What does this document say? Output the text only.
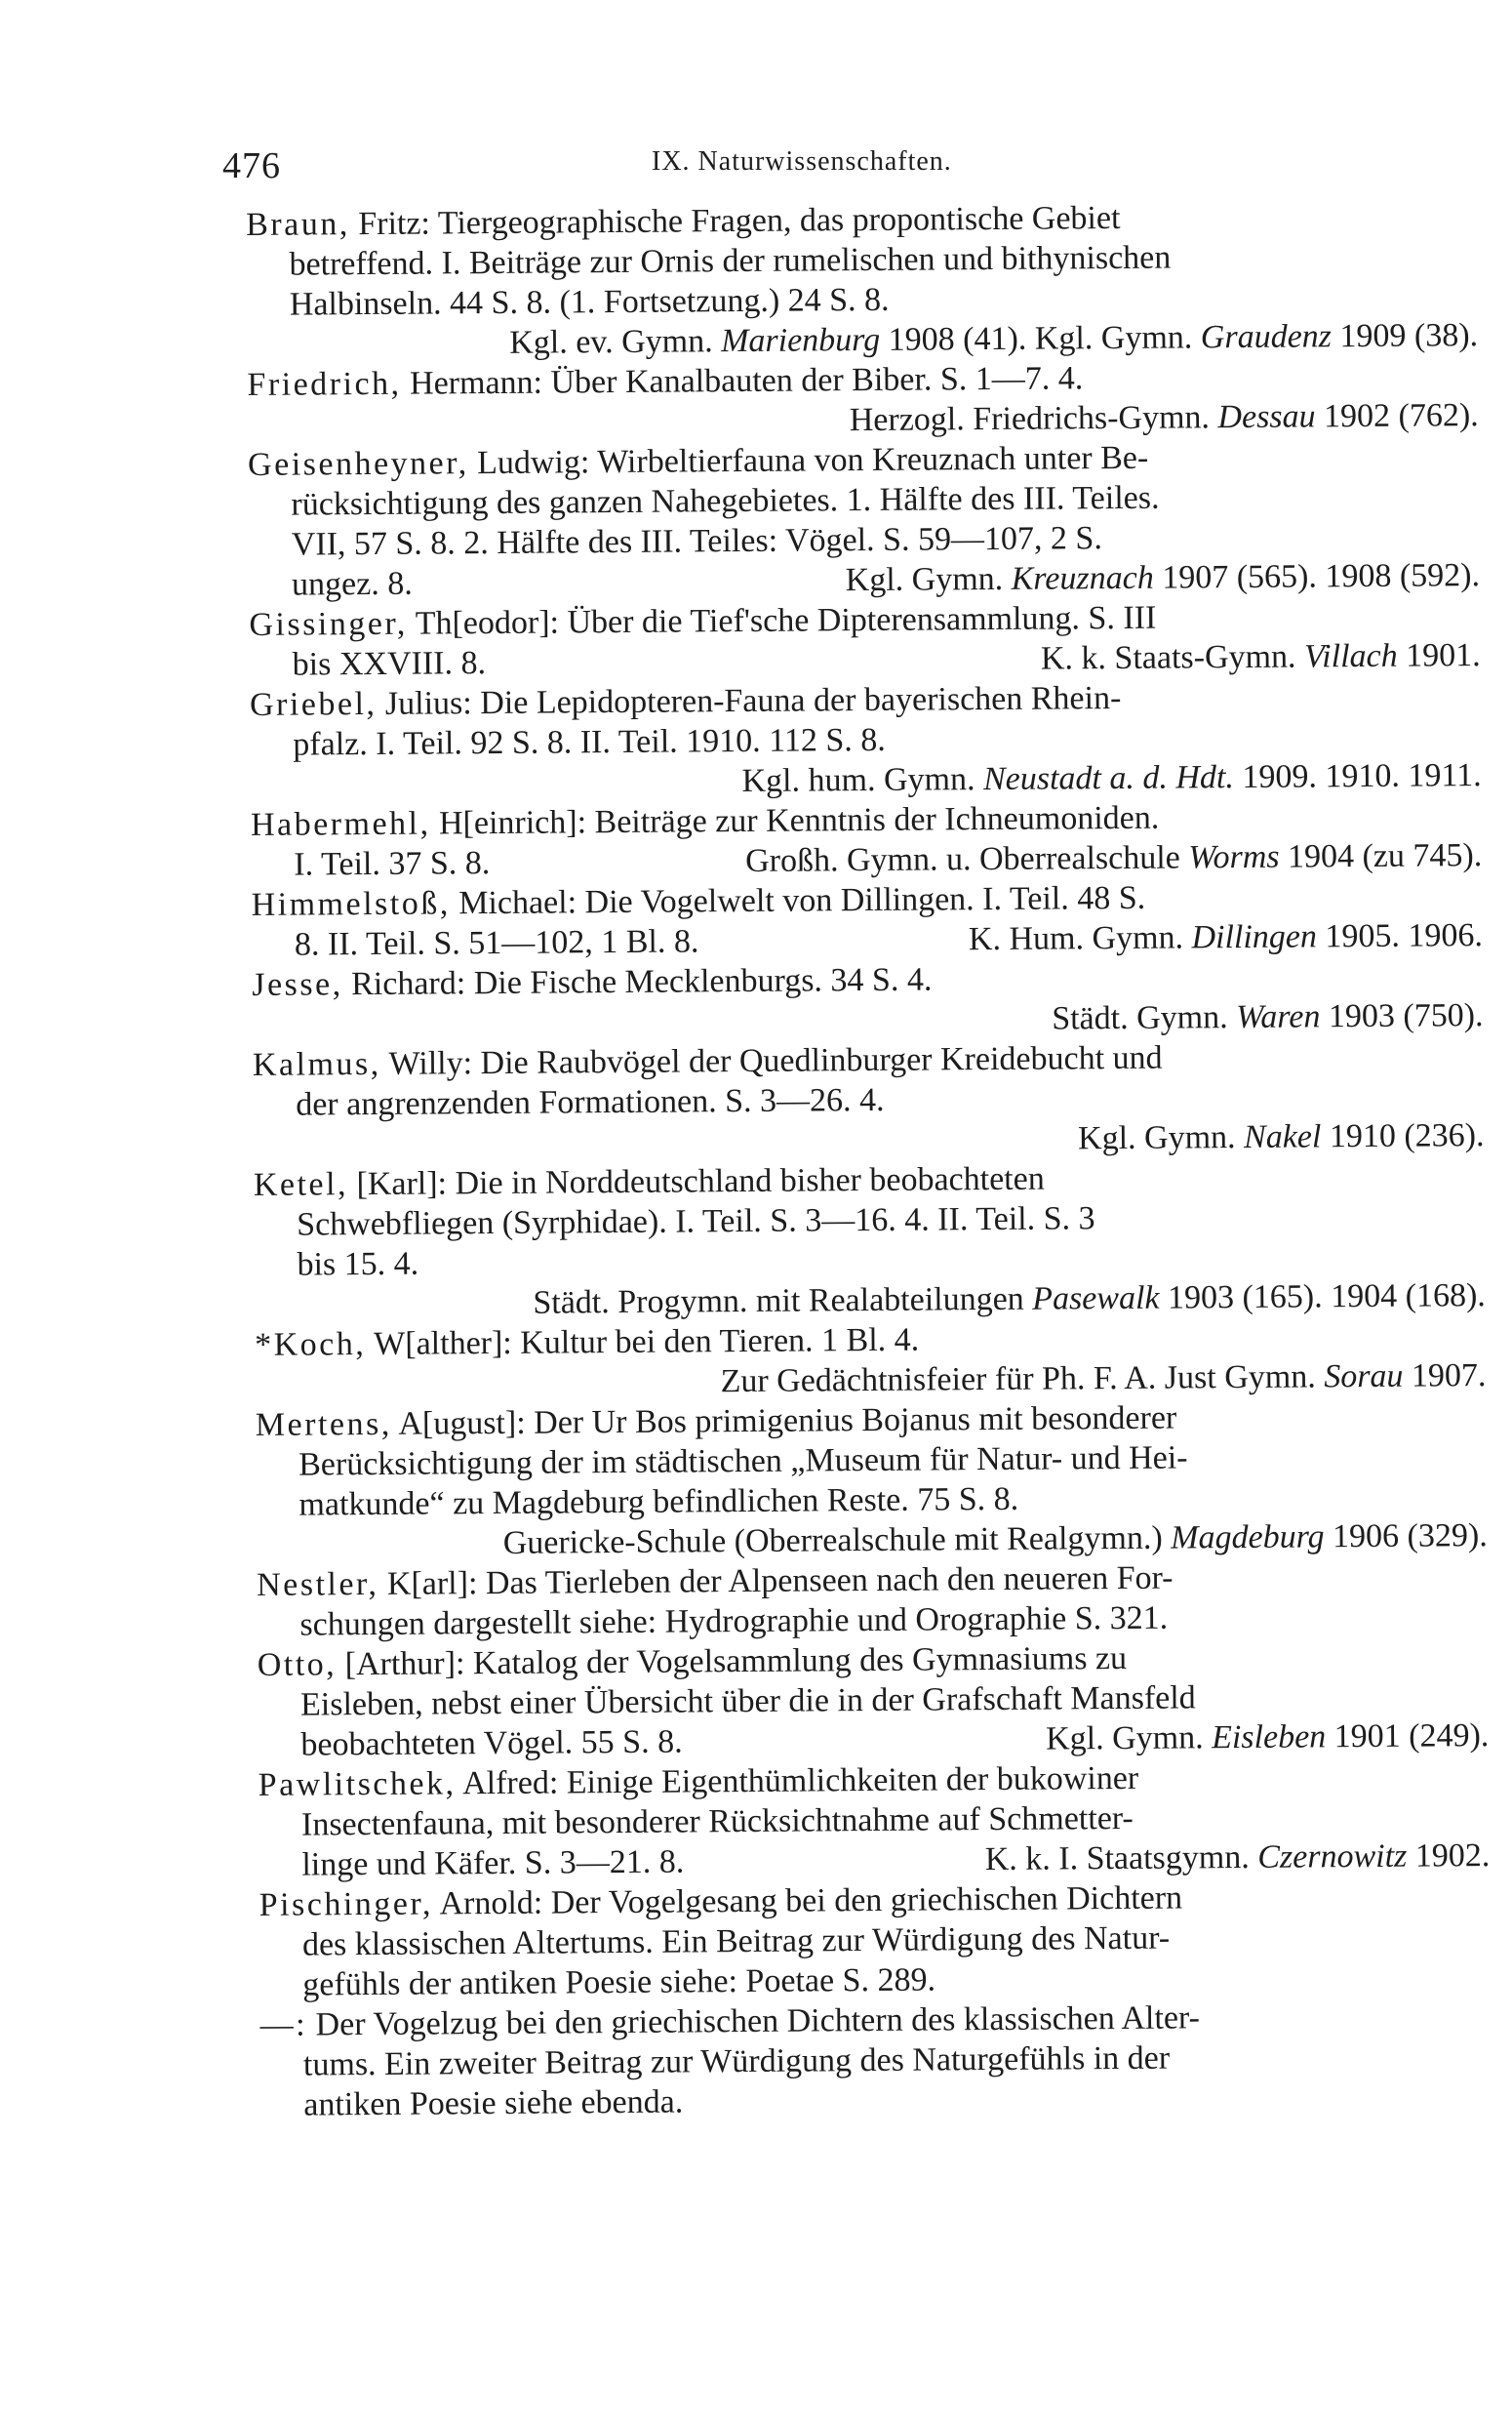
476	IX. Naturwissenschaften.
Braun, Fritz: Tiergeographische Fragen, das propontische Gebiet
betreffend. I. Beiträge zur Ornis der rumelischen und bithynischen
Halbinseln. 44 S. 8. (1. Fortsetzung.) 24 S. 8.
Kgl. ev. Gymn. Marienburg 1908 (41). Kgl. Gymn. Graudenz 1909 (38).
Friedrich, Hermann: Über Kanalbauten der Biber. S. 1—7. 4.
Herzogl. Friedrichs-Gymn. Dessau 1902 (762).
Geisenheyner, Ludwig: Wirbeltierfauna von Kreuznach unter Be-
rücksichtigung des ganzen Nahegebietes. 1. Hälfte des III. Teiles.
VII, 57 S. 8. 2. Hälfte des III. Teiles: Vögel. S. 59—107, 2 S.
ungez. 8.	Kgl. Gymn. Kreuznach 1907 (565). 1908 (592).
Gissinger, Th[eodor]: Über die Tief'sche Dipterensammlung. S. III
bis XXVIII. 8.	K. k. Staats-Gymn. Villach 1901.
Griebel, Julius: Die Lepidopteren-Fauna der bayerischen Rhein-
pfalz. I. Teil. 92 S. 8. II. Teil. 1910. 112 S. 8.
Kgl. hum. Gymn. Neustadt a. d. Hdt. 1909. 1910. 1911.
Habermehl, H[einrich]: Beiträge zur Kenntnis der Ichneumoniden.
I. Teil. 37 S. 8.	Großh. Gymn. u. Oberrealschule Worms 1904 (zu 745).
Himmelstoß, Michael: Die Vogelwelt von Dillingen. I. Teil. 48 S.
8. II. Teil. S. 51—102, 1 Bl. 8.	K. Hum. Gymn. Dillingen 1905. 1906.
Jesse, Richard: Die Fische Mecklenburgs. 34 S. 4.
Städt. Gymn. Waren 1903 (750).
Kalmus, Willy: Die Raubvögel der Quedlinburger Kreidebucht und
der angrenzenden Formationen. S. 3—26. 4.
Kgl. Gymn. Nakel 1910 (236).
Ketel, [Karl]: Die in Norddeutschland bisher beobachteten
Schwebfliegen (Syrphidae). I. Teil. S. 3—16. 4. II. Teil. S. 3
bis 15. 4.
Städt. Progymn. mit Realabteilungen Pasewalk 1903 (165). 1904 (168).
*Koch, W[alther]: Kultur bei den Tieren. 1 Bl. 4.
Zur Gedächtnisfeier für Ph. F. A. Just Gymn. Sorau 1907.
Mertens, A[ugust]: Der Ur Bos primigenius Bojanus mit besonderer
Berücksichtigung der im städtischen „Museum für Natur- und Hei-
matkunde“ zu Magdeburg befindlichen Reste. 75 S. 8.
Guericke-Schule (Oberrealschule mit Realgymn.) Magdeburg 1906 (329).
Nestler, K[arl]: Das Tierleben der Alpenseen nach den neueren For-
schungen dargestellt siehe: Hydrographie und Orographie S. 321.
Otto, [Arthur]: Katalog der Vogelsammlung des Gymnasiums zu
Eisleben, nebst einer Übersicht über die in der Grafschaft Mansfeld
beobachteten Vögel. 55 S. 8.	Kgl. Gymn. Eisleben 1901 (249).
Pawlitschek, Alfred: Einige Eigenthümlichkeiten der bukowiner
Insectenfauna, mit besonderer Rücksichtnahme auf Schmetter-
linge und Käfer. S. 3—21. 8.	K. k. I. Staatsgymn. Czernowitz 1902.
Pischinger, Arnold: Der Vogelgesang bei den griechischen Dichtern
des klassischen Altertums. Ein Beitrag zur Würdigung des Natur-
gefühls der antiken Poesie siehe: Poetae S. 289.
—: Der Vogelzug bei den griechischen Dichtern des klassischen Alter-
tums. Ein zweiter Beitrag zur Würdigung des Naturgefühls in der
antiken Poesie siehe ebenda.
